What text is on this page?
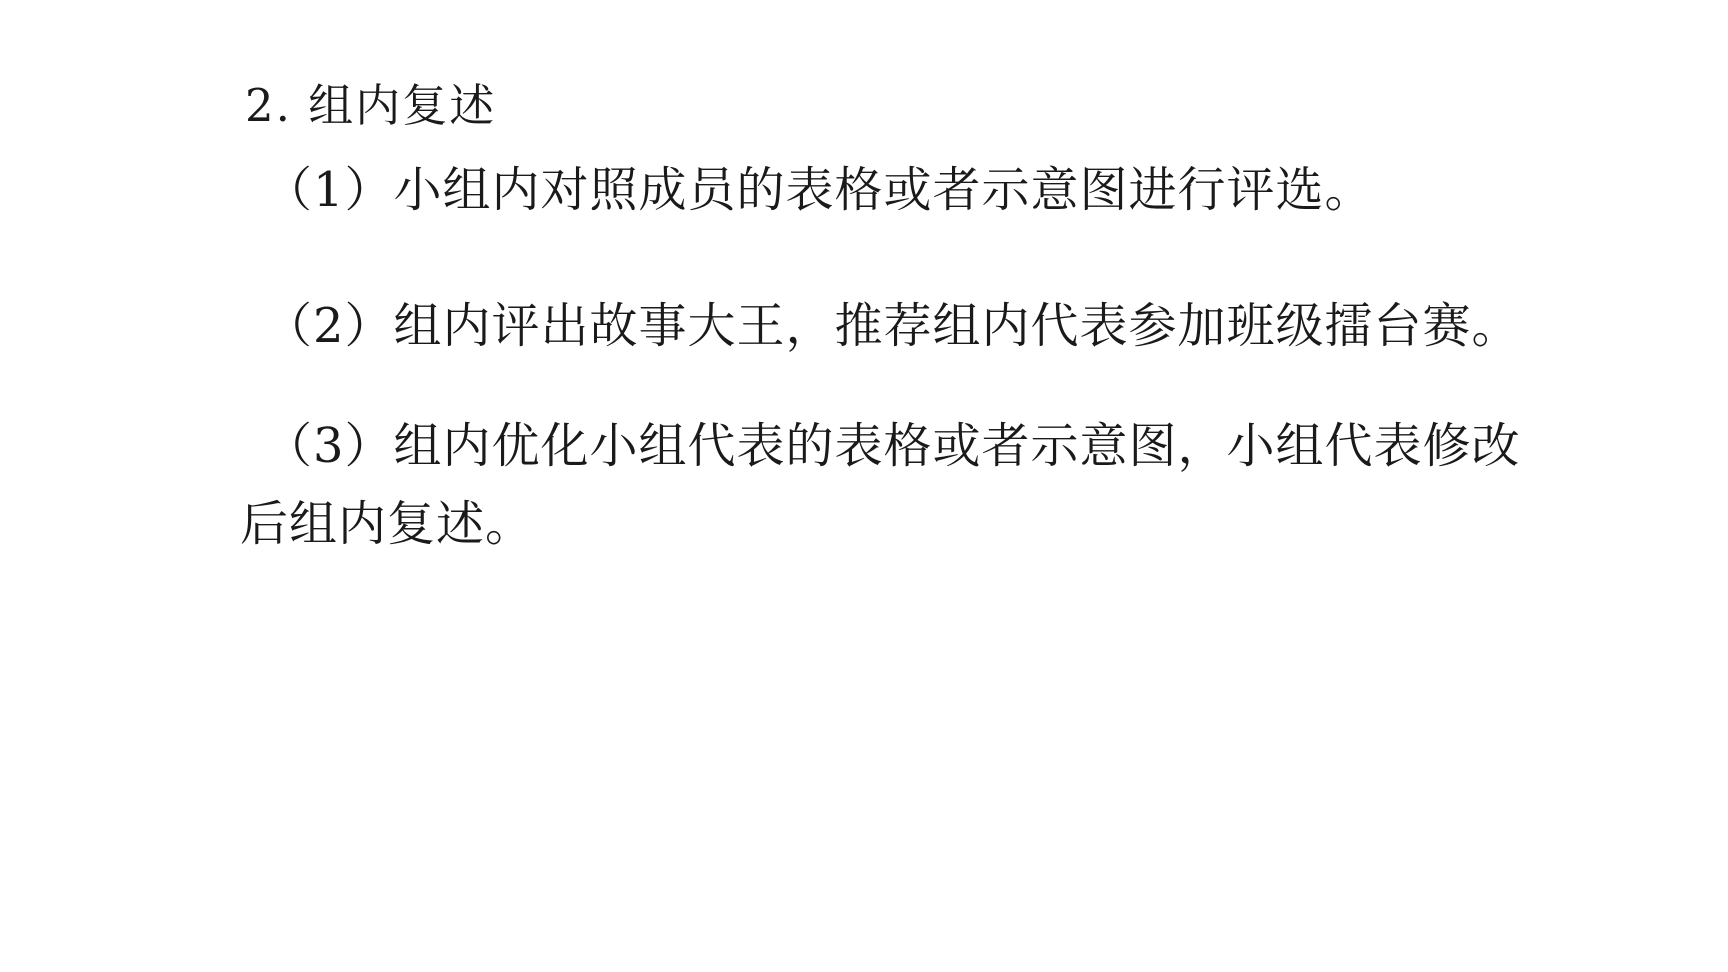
2. 组内复述

（1）小组内对照成员的表格或者示意图进行评选。

（2）组内评出故事大王，推荐组内代表参加班级擂台赛。

（3）组内优化小组代表的表格或者示意图，小组代表修改后组内复述。
